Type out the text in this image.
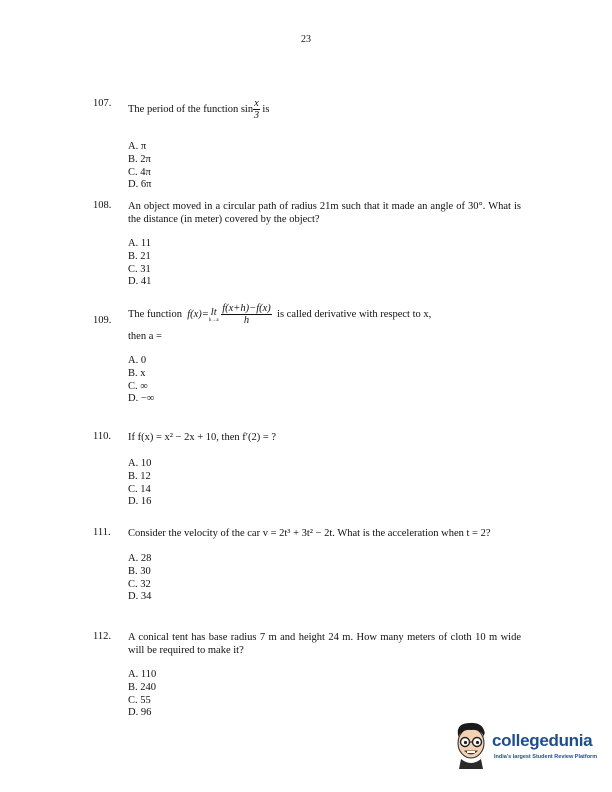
23
107.
The period of the function $\sin \frac{x}{3}$ is
A. π
B. 2π
C. 4π
D. 6π
108. An object moved in a circular path of radius 21m such that it made an angle of 30°. What is the distance (in meter) covered by the object?
A. 11
B. 21
C. 31
D. 41
109.
The function f(x)= lt
h→a
$\frac{f(x+h)-f(x)}{h}$ is called derivative with respect to x,
then a =
A. 0
B. x
C. ∞
D. −∞
110. If f(x) = x² − 2x + 10, then f′(2) = ?
A. 10
B. 12
C. 14
D. 16
111. Consider the velocity of the car v = 2t³ + 3t² − 2t. What is the acceleration when t = 2?
A. 28
B. 30
C. 32
D. 34
112. A conical tent has base radius 7 m and height 24 m. How many meters of cloth 10 m wide will be required to make it?
A. 110
B. 240
C. 55
D. 96
collegedunia
India's largest Student Review Platform
